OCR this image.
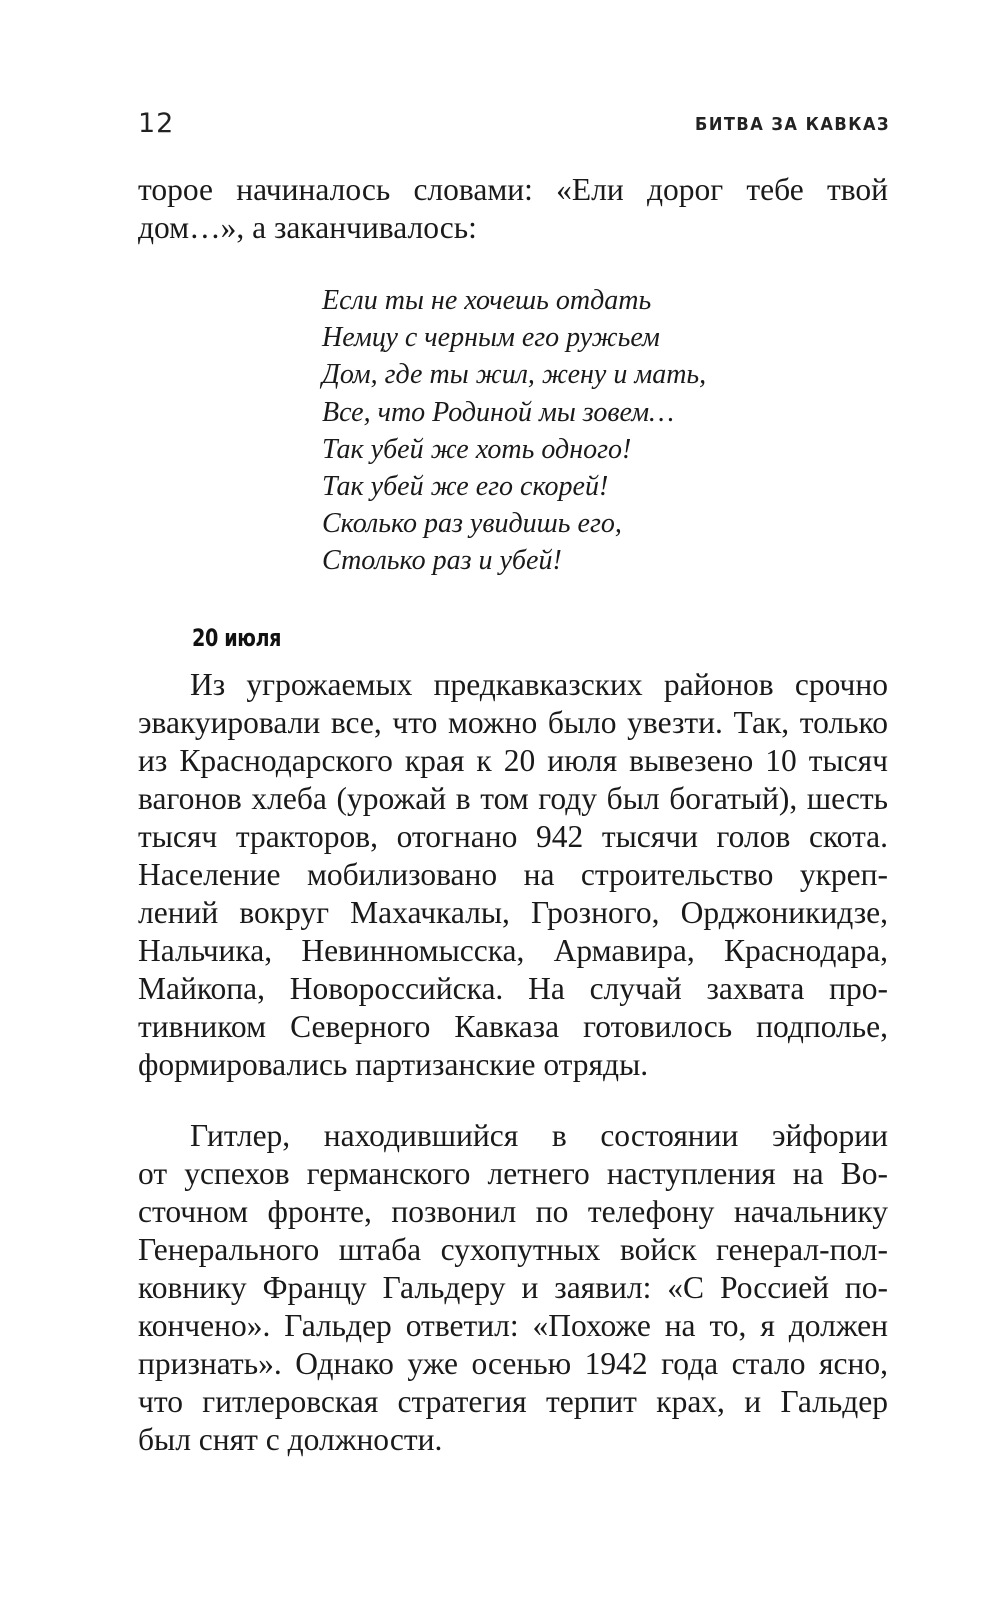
12	БИТВА ЗА КАВКАЗ
торое начиналось словами: «Ели дорог тебе твой
дом…», а заканчивалось:
Если ты не хочешь отдать
Немцу с черным его ружьем
Дом, где ты жил, жену и мать,
Все, что Родиной мы зовем…
Так убей же хоть одного!
Так убей же его скорей!
Сколько раз увидишь его,
Столько раз и убей!
20 июля
Из угрожаемых предкавказских районов срочно
эвакуировали все, что можно было увезти. Так, только
из Краснодарского края к 20 июля вывезено 10 тысяч
вагонов хлеба (урожай в том году был богатый), шесть
тысяч тракторов, отогнано 942 тысячи голов скота.
Население мобилизовано на строительство укреп-
лений вокруг Махачкалы, Грозного, Орджоникидзе,
Нальчика, Невинномысска, Армавира, Краснодара,
Майкопа, Новороссийска. На случай захвата про-
тивником Северного Кавказа готовилось подполье,
формировались партизанские отряды.
Гитлер, находившийся в состоянии эйфории
от успехов германского летнего наступления на Во-
сточном фронте, позвонил по телефону начальнику
Генерального штаба сухопутных войск генерал-пол-
ковнику Францу Гальдеру и заявил: «С Россией по-
кончено». Гальдер ответил: «Похоже на то, я должен
признать». Однако уже осенью 1942 года стало ясно,
что гитлеровская стратегия терпит крах, и Гальдер
был снят с должности.
